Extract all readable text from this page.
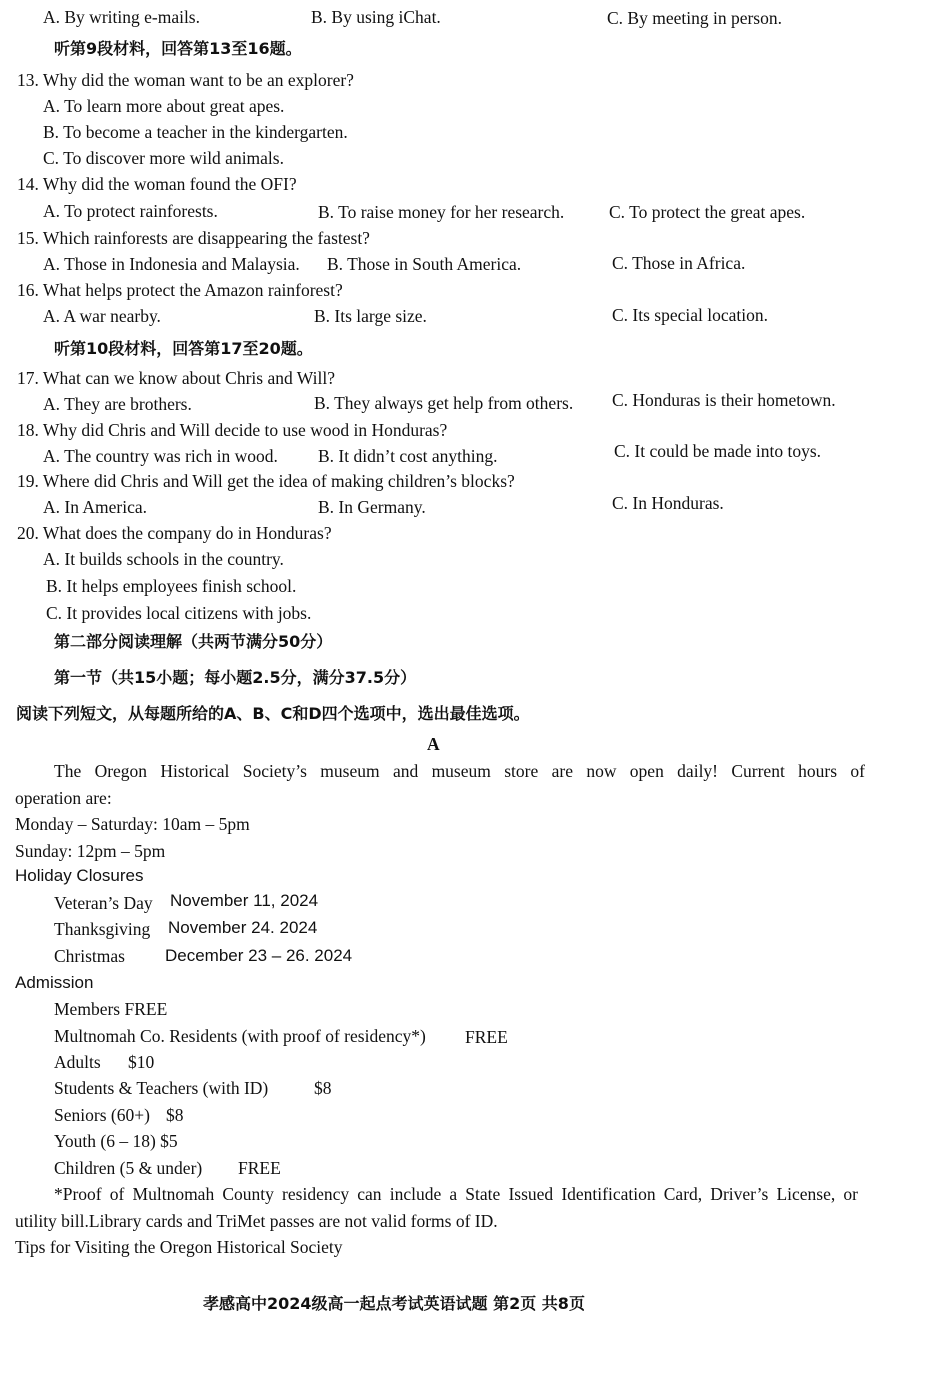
A. By writing e-mails.	B. By using iChat.	C. By meeting in person.
听第9段材料，回答第13至16题。
13. Why did the woman want to be an explorer?
A. To learn more about great apes.
B. To become a teacher in the kindergarten.
C. To discover more wild animals.
14. Why did the woman found the OFI?
A. To protect rainforests.	B. To raise money for her research.	C. To protect the great apes.
15. Which rainforests are disappearing the fastest?
A. Those in Indonesia and Malaysia. B. Those in South America.	C. Those in Africa.
16. What helps protect the Amazon rainforest?
A. A war nearby.	B. Its large size.	C. Its special location.
听第10段材料，回答第17至20题。
17. What can we know about Chris and Will?
A. They are brothers.	B. They always get help from others. C. Honduras is their hometown.
18. Why did Chris and Will decide to use wood in Honduras?
A. The country was rich in wood. B. It didn’t cost anything.	C. It could be made into toys.
19. Where did Chris and Will get the idea of making children’s blocks?
A. In America.	B. In Germany.	C. In Honduras.
20. What does the company do in Honduras?
A. It builds schools in the country.
B. It helps employees finish school.
C. It provides local citizens with jobs.
第二部分阅读理解（共两节满分50分）
第一节（共15小题；每小题2.5分，满分37.5分）
阅读下列短文，从每题所给的A、B、C和D四个选项中，选出最佳选项。
A
The Oregon Historical Society’s museum and museum store are now open daily! Current hours of
operation are:
Monday – Saturday: 10am – 5pm
Sunday: 12pm – 5pm
Holiday Closures
Veteran’s Day November 11, 2024
Thanksgiving November 24. 2024
Christmas December 23 – 26. 2024
Admission
Members FREE
Multnomah Co. Residents (with proof of residency*) FREE
Adults $10
Students & Teachers (with ID)	$8
Seniors (60+) $8
Youth (6 – 18) $5
Children (5 & under) FREE
*Proof of Multnomah County residency can include a State Issued Identification Card, Driver’s License, or
utility bill.Library cards and TriMet passes are not valid forms of ID.
Tips for Visiting the Oregon Historical Society
孝感高中2024级高一起点考试英语试题 第2页 共8页
